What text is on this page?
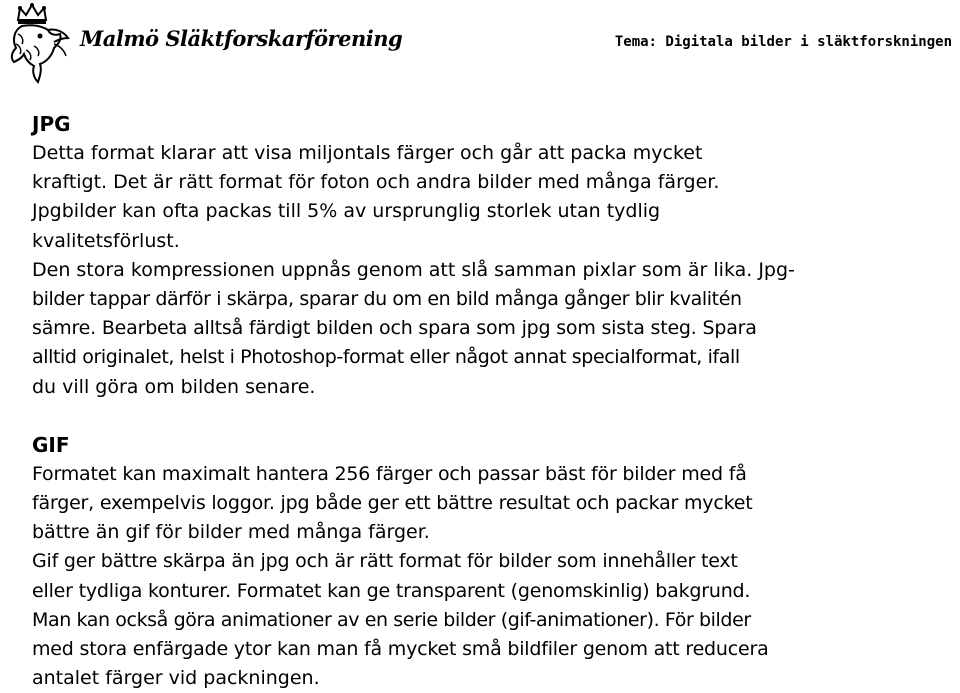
Malmö Släktforskarförening	Tema: Digitala bilder i släktforskningen
JPG
Detta format klarar att visa miljontals färger och går att packa mycket
kraftigt. Det är rätt format för foton och andra bilder med många färger.
Jpgbilder kan ofta packas till 5% av ursprunglig storlek utan tydlig
kvalitetsförlust.
Den stora kompressionen uppnås genom att slå samman pixlar som är lika. Jpg-
bilder tappar därför i skärpa, sparar du om en bild många gånger blir kvalitén
sämre. Bearbeta alltså färdigt bilden och spara som jpg som sista steg. Spara
alltid originalet, helst i Photoshop-format eller något annat specialformat, ifall
du vill göra om bilden senare.
GIF
Formatet kan maximalt hantera 256 färger och passar bäst för bilder med få
färger, exempelvis loggor. jpg både ger ett bättre resultat och packar mycket
bättre än gif för bilder med många färger.
Gif ger bättre skärpa än jpg och är rätt format för bilder som innehåller text
eller tydliga konturer. Formatet kan ge transparent (genomskinlig) bakgrund.
Man kan också göra animationer av en serie bilder (gif-animationer). För bilder
med stora enfärgade ytor kan man få mycket små bildfiler genom att reducera
antalet färger vid packningen.
